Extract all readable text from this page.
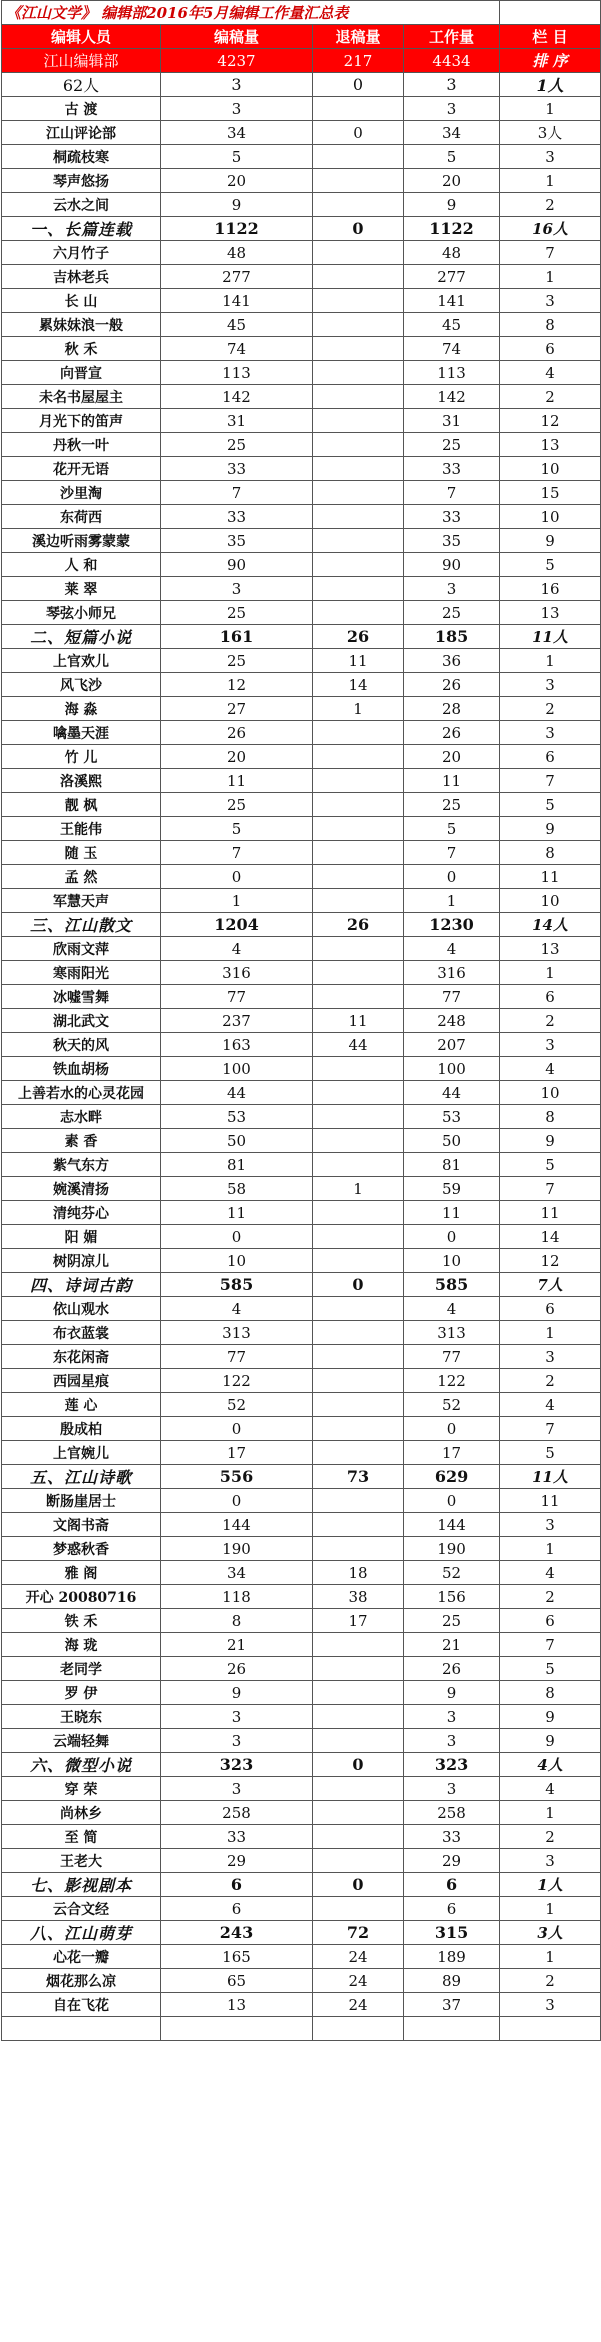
《江山文学》 编辑部2016年5月编辑工作量汇总表				
编辑人员	编稿量	退稿量	工作量	栏 目
江山编辑部	4237	217	4434	排 序
62人	3	0	3	1人
古 渡	3		3	1
江山评论部	34	0	34	3人
桐疏枝寒	5		5	3
琴声悠扬	20		20	1
云水之间	9		9	2
一、长篇连载	1122	0	1122	16人
六月竹子	48		48	7
吉林老兵	277		277	1
长 山	141		141	3
累妹妹浪一般	45		45	8
秋 禾	74		74	6
向晋宣	113		113	4
未名书屋屋主	142		142	2
月光下的笛声	31		31	12
丹秋一叶	25		25	13
花开无语	33		33	10
沙里淘	7		7	15
东荷西	33		33	10
溪边听雨雾蒙蒙	35		35	9
人 和	90		90	5
莱 翠	3		3	16
琴弦小师兄	25		25	13
二、短篇小说	161	26	185	11人
上官欢儿	25	11	36	1
风飞沙	12	14	26	3
海 淼	27	1	28	2
噙墨天涯	26		26	3
竹 儿	20		20	6
洛溪熙	11		11	7
靓 枫	25		25	5
王能伟	5		5	9
随 玉	7		7	8
孟 然	0		0	11
军慧天声	1		1	10
三、江山散文	1204	26	1230	14人
欣雨文萍	4		4	13
寒雨阳光	316		316	1
冰嘘雪舞	77		77	6
湖北武文	237	11	248	2
秋天的风	163	44	207	3
铁血胡杨	100		100	4
上善若水的心灵花园	44		44	10
志水畔	53		53	8
素 香	50		50	9
紫气东方	81		81	5
婉溪清扬	58	1	59	7
清纯芬心	11		11	11
阳 媚	0		0	14
树阴凉儿	10		10	12
四、诗词古韵	585	0	585	7人
依山观水	4		4	6
布衣蓝裳	313		313	1
东花闲斋	77		77	3
西园星痕	122		122	2
莲 心	52		52	4
殷成柏	0		0	7
上官婉儿	17		17	5
五、江山诗歌	556	73	629	11人
断肠崖居士	0		0	11
文阁书斋	144		144	3
梦惑秋香	190		190	1
雅 阁	34	18	52	4
开心 20080716	118	38	156	2
铁 禾	8	17	25	6
海 珑	21		21	7
老同学	26		26	5
罗 伊	9		9	8
王晓东	3		3	9
云端轻舞	3		3	9
六、微型小说	323	0	323	4人
穿 荣	3		3	4
尚林乡	258		258	1
至 简	33		33	2
王老大	29		29	3
七、影视剧本	6	0	6	1人
云合文经	6		6	1
八、江山萌芽	243	72	315	3人
心花一瓣	165	24	189	1
烟花那么凉	65	24	89	2
自在飞花	13	24	37	3
